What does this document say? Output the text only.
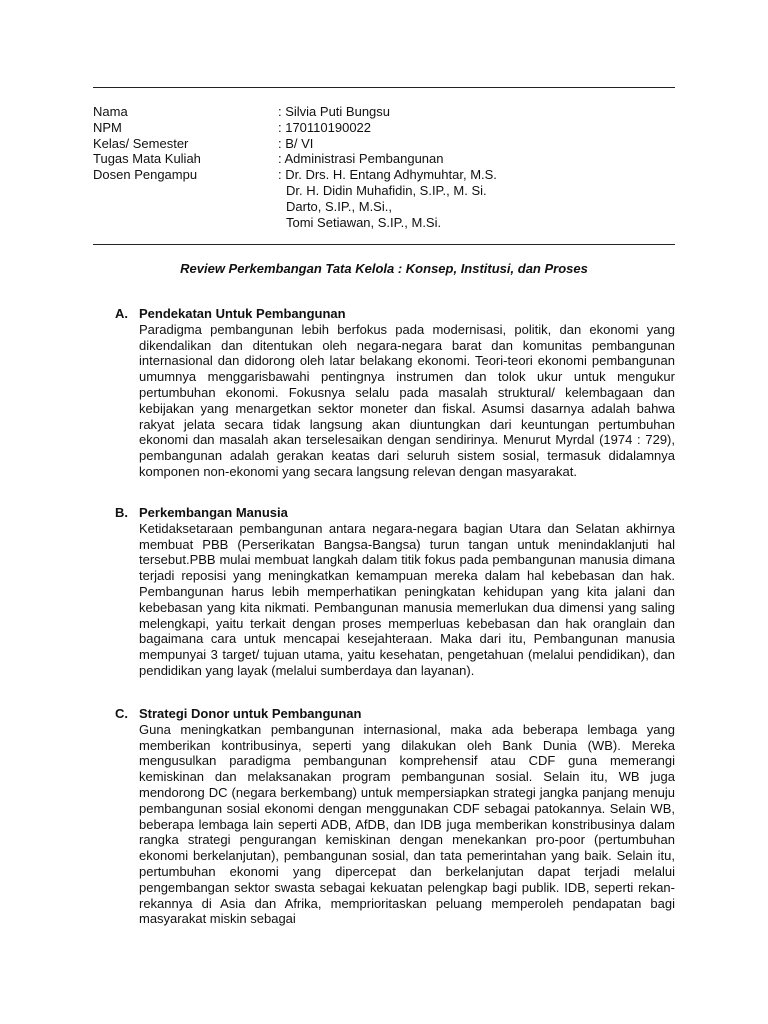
Nama	: Silvia Puti Bungsu
NPM	: 170110190022
Kelas/ Semester	: B/ VI
Tugas Mata Kuliah	: Administrasi Pembangunan
Dosen Pengampu	: Dr. Drs. H. Entang Adhymuhtar, M.S.
Dr. H. Didin Muhafidin, S.IP., M. Si.
Darto, S.IP., M.Si.,
Tomi Setiawan, S.IP., M.Si.
Review Perkembangan Tata Kelola : Konsep, Institusi, dan Proses
A. Pendekatan Untuk Pembangunan
Paradigma pembangunan lebih berfokus pada modernisasi, politik, dan ekonomi yang dikendalikan dan ditentukan oleh negara-negara barat dan komunitas pembangunan internasional dan didorong oleh latar belakang ekonomi. Teori-teori ekonomi pembangunan umumnya menggarisbawahi pentingnya instrumen dan tolok ukur untuk mengukur pertumbuhan ekonomi. Fokusnya selalu pada masalah struktural/ kelembagaan dan kebijakan yang menargetkan sektor moneter dan fiskal. Asumsi dasarnya adalah bahwa rakyat jelata secara tidak langsung akan diuntungkan dari keuntungan pertumbuhan ekonomi dan masalah akan terselesaikan dengan sendirinya. Menurut Myrdal (1974 : 729), pembangunan adalah gerakan keatas dari seluruh sistem sosial, termasuk didalamnya komponen non-ekonomi yang secara langsung relevan dengan masyarakat.
B. Perkembangan Manusia
Ketidaksetaraan pembangunan antara negara-negara bagian Utara dan Selatan akhirnya membuat PBB (Perserikatan Bangsa-Bangsa) turun tangan untuk menindaklanjuti hal tersebut.PBB mulai membuat langkah dalam titik fokus pada pembangunan manusia dimana terjadi reposisi yang meningkatkan kemampuan mereka dalam hal kebebasan dan hak. Pembangunan harus lebih memperhatikan peningkatan kehidupan yang kita jalani dan kebebasan yang kita nikmati. Pembangunan manusia memerlukan dua dimensi yang saling melengkapi, yaitu terkait dengan proses memperluas kebebasan dan hak oranglain dan bagaimana cara untuk mencapai kesejahteraan. Maka dari itu, Pembangunan manusia mempunyai 3 target/ tujuan utama, yaitu kesehatan, pengetahuan (melalui pendidikan), dan pendidikan yang layak (melalui sumberdaya dan layanan).
C. Strategi Donor untuk Pembangunan
Guna meningkatkan pembangunan internasional, maka ada beberapa lembaga yang memberikan kontribusinya, seperti yang dilakukan oleh Bank Dunia (WB). Mereka mengusulkan paradigma pembangunan komprehensif atau CDF guna memerangi kemiskinan dan melaksanakan program pembangunan sosial. Selain itu, WB juga mendorong DC (negara berkembang) untuk mempersiapkan strategi jangka panjang menuju pembangunan sosial ekonomi dengan menggunakan CDF sebagai patokannya. Selain WB, beberapa lembaga lain seperti ADB, AfDB, dan IDB juga memberikan konstribusinya dalam rangka strategi pengurangan kemiskinan dengan menekankan pro-poor (pertumbuhan ekonomi berkelanjutan), pembangunan sosial, dan tata pemerintahan yang baik. Selain itu, pertumbuhan ekonomi yang dipercepat dan berkelanjutan dapat terjadi melalui pengembangan sektor swasta sebagai kekuatan pelengkap bagi publik. IDB, seperti rekan-rekannya di Asia dan Afrika, memprioritaskan peluang memperoleh pendapatan bagi masyarakat miskin sebagai
